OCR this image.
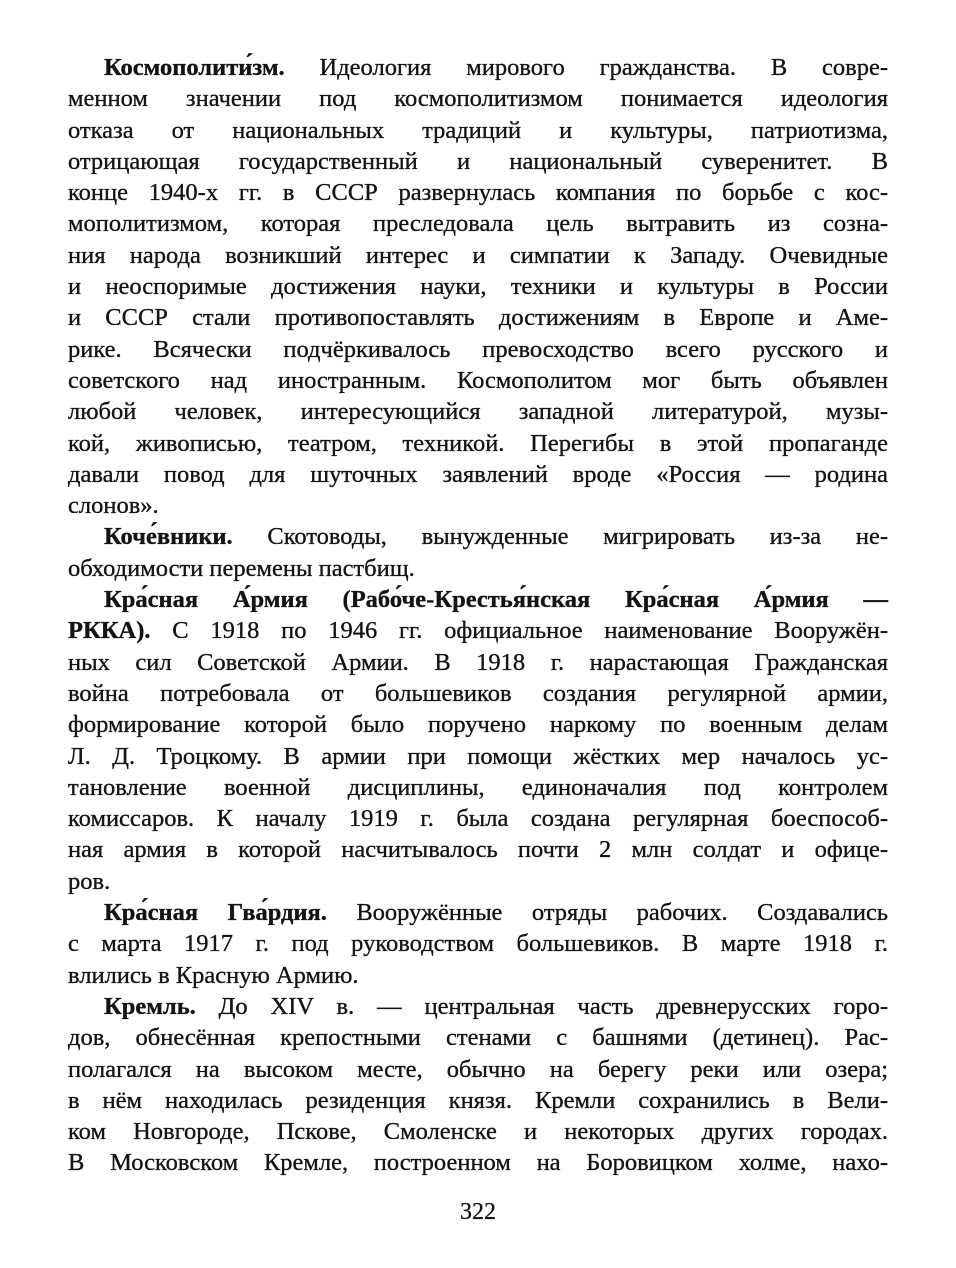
Космополити́зм. Идеология мирового гражданства. В совре-
менном значении под космополитизмом понимается идеология
отказа от национальных традиций и культуры, патриотизма,
отрицающая государственный и национальный суверенитет. В
конце 1940-х гг. в СССР развернулась компания по борьбе с кос-
мополитизмом, которая преследовала цель вытравить из созна-
ния народа возникший интерес и симпатии к Западу. Очевидные
и неоспоримые достижения науки, техники и культуры в России
и СССР стали противопоставлять достижениям в Европе и Аме-
рике. Всячески подчёркивалось превосходство всего русского и
советского над иностранным. Космополитом мог быть объявлен
любой человек, интересующийся западной литературой, музы-
кой, живописью, театром, техникой. Перегибы в этой пропаганде
давали повод для шуточных заявлений вроде «Россия — родина
слонов».
Коче́вники. Скотоводы, вынужденные мигрировать из-за не-
обходимости перемены пастбищ.
Кра́сная А́рмия (Рабо́че-Крестья́нская Кра́сная А́рмия —
РККА). С 1918 по 1946 гг. официальное наименование Вооружён-
ных сил Советской Армии. В 1918 г. нарастающая Гражданская
война потребовала от большевиков создания регулярной армии,
формирование которой было поручено наркому по военным делам
Л. Д. Троцкому. В армии при помощи жёстких мер началось ус-
тановление военной дисциплины, единоначалия под контролем
комиссаров. К началу 1919 г. была создана регулярная боеспособ-
ная армия в которой насчитывалось почти 2 млн солдат и офице-
ров.
Кра́сная Гва́рдия. Вооружённые отряды рабочих. Создавались
с марта 1917 г. под руководством большевиков. В марте 1918 г.
влились в Красную Армию.
Кремль. До XIV в. — центральная часть древнерусских горо-
дов, обнесённая крепостными стенами с башнями (детинец). Рас-
полагался на высоком месте, обычно на берегу реки или озера;
в нём находилась резиденция князя. Кремли сохранились в Вели-
ком Новгороде, Пскове, Смоленске и некоторых других городах.
В Московском Кремле, построенном на Боровицком холме, нахо-
322
